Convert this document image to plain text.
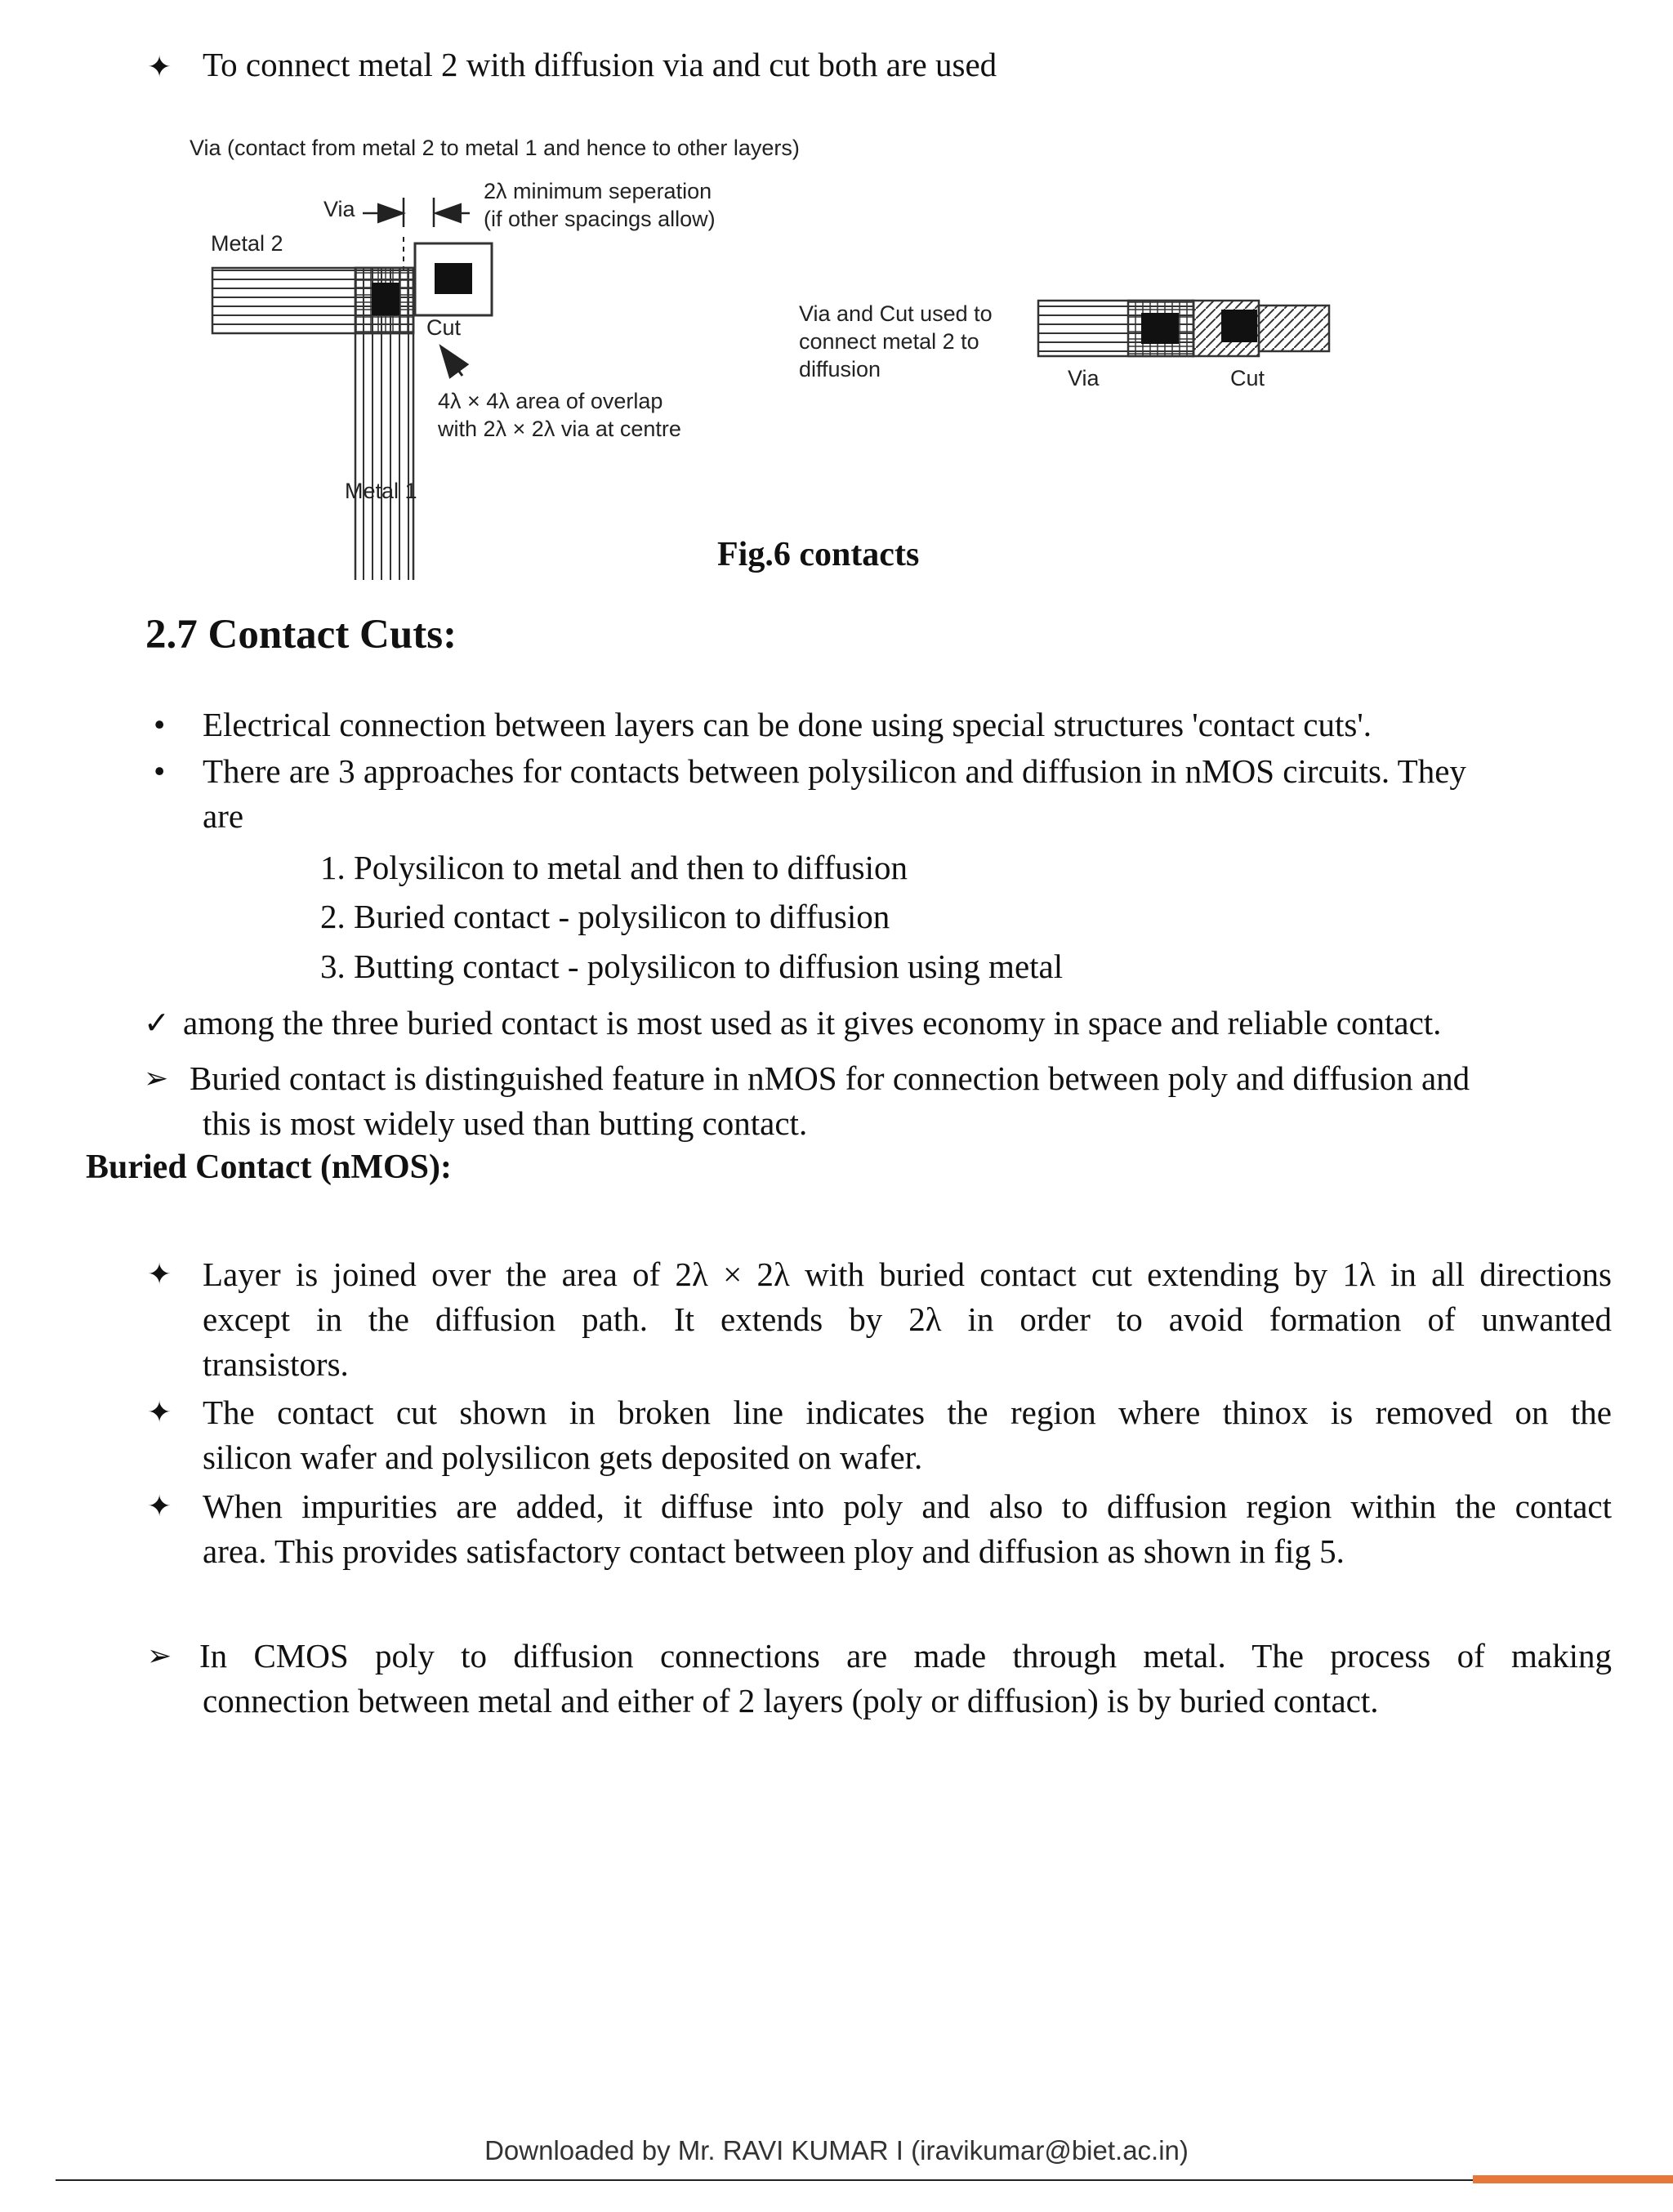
✦ To connect metal 2 with diffusion via and cut both are used
Via (contact from metal 2 to metal 1 and hence to other layers)
Via
2λ minimum seperation
(if other spacings allow)
Metal 2
Cut
4λ × 4λ area of overlap
with 2λ × 2λ via at centre
Metal 1
Via and Cut used to
connect metal 2 to
diffusion	Via	Cut
Fig.6 contacts
2.7 Contact Cuts:
• Electrical connection between layers can be done using special structures 'contact cuts'.
• There are 3 approaches for contacts between polysilicon and diffusion in nMOS circuits. They
are
1. Polysilicon to metal and then to diffusion
2. Buried contact - polysilicon to diffusion
3. Butting contact - polysilicon to diffusion using metal
✓ among the three buried contact is most used as it gives economy in space and reliable contact.
➢ Buried contact is distinguished feature in nMOS for connection between poly and diffusion and
this is most widely used than butting contact.
Buried Contact (nMOS):
✦ Layer is joined over the area of 2λ × 2λ with buried contact cut extending by 1λ in all directions
except in the diffusion path. It extends by 2λ in order to avoid formation of unwanted
transistors.
✦ The contact cut shown in broken line indicates the region where thinox is removed on the
silicon wafer and polysilicon gets deposited on wafer.
✦ When impurities are added, it diffuse into poly and also to diffusion region within the contact
area. This provides satisfactory contact between ploy and diffusion as shown in fig 5.
➢ In CMOS poly to diffusion connections are made through metal. The process of making
connection between metal and either of 2 layers (poly or diffusion) is by buried contact.
Downloaded by Mr. RAVI KUMAR I (iravikumar@biet.ac.in)
